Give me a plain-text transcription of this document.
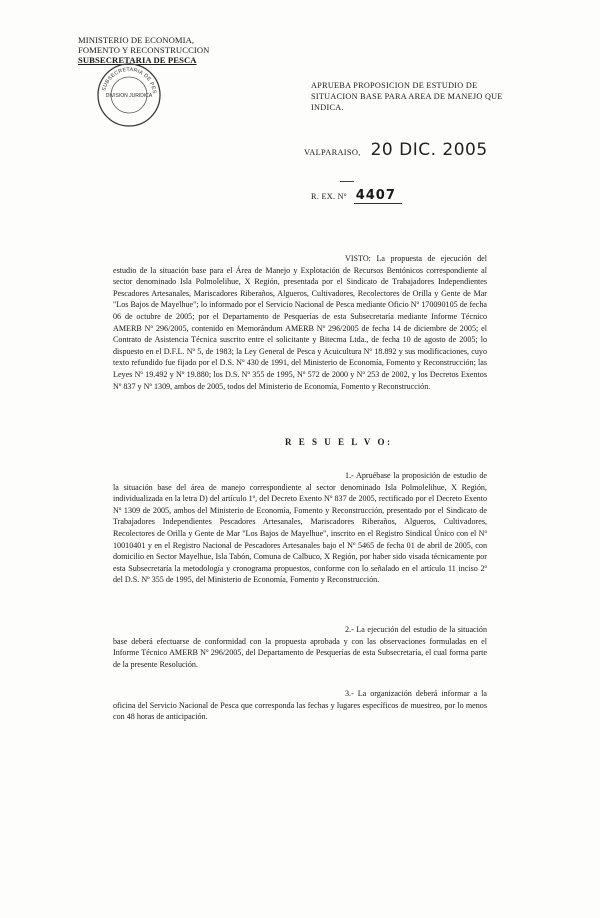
MINISTERIO DE ECONOMIA,
FOMENTO Y RECONSTRUCCION
SUBSECRETARIA DE PESCA
SUBSECRETARIA DE PES
DIVISION JURIDICA
APRUEBA PROPOSICION DE ESTUDIO DE SITUACION BASE PARA AREA DE MANEJO QUE INDICA.
VALPARAISO, 20 DIC. 2005
R. EX. Nº 4407
VISTO: La propuesta de ejecución del estudio de la situación base para el Área de Manejo y Explotación de Recursos Bentónicos correspondiente al sector denominado Isla Polmolelihue, X Región, presentada por el Sindicato de Trabajadores Independientes Pescadores Artesanales, Mariscadores Riberaños, Algueros, Cultivadores, Recolectores de Orilla y Gente de Mar "Los Bajos de Mayelhue"; lo informado por el Servicio Nacional de Pesca mediante Oficio Nº 170090105 de fecha 06 de octubre de 2005; por el Departamento de Pesquerías de esta Subsecretaría mediante Informe Técnico AMERB Nº 296/2005, contenido en Memorándum AMERB Nº 296/2005 de fecha 14 de diciembre de 2005; el Contrato de Asistencia Técnica suscrito entre el solicitante y Bitecma Ltda., de fecha 10 de agosto de 2005; lo dispuesto en el D.F.L. Nº 5, de 1983; la Ley General de Pesca y Acuicultura Nº 18.892 y sus modificaciones, cuyo texto refundido fue fijado por el D.S. Nº 430 de 1991, del Ministerio de Economía, Fomento y Reconstrucción; las Leyes Nº 19.492 y Nº 19.880; los D.S. Nº 355 de 1995, Nº 572 de 2000 y Nº 253 de 2002, y los Decretos Exentos Nº 837 y Nº 1309, ambos de 2005, todos del Ministerio de Economía, Fomento y Reconstrucción.
R E S U E L V O:
1.- Apruébase la proposición de estudio de la situación base del área de manejo correspondiente al sector denominado Isla Polmolelihue, X Región, individualizada en la letra D) del artículo 1º, del Decreto Exento Nº 837 de 2005, rectificado por el Decreto Exento Nº 1309 de 2005, ambos del Ministerio de Economía, Fomento y Reconstrucción, presentado por el Sindicato de Trabajadores Independientes Pescadores Artesanales, Mariscadores Riberaños, Algueros, Cultivadores, Recolectores de Orilla y Gente de Mar "Los Bajos de Mayelhue", inscrito en el Registro Sindical Único con el Nº 10010401 y en el Registro Nacional de Pescadores Artesanales bajo el Nº 5465 de fecha 01 de abril de 2005, con domicilio en Sector Mayelhue, Isla Tabón, Comuna de Calbuco, X Región, por haber sido visada técnicamente por esta Subsecretaría la metodología y cronograma propuestos, conforme con lo señalado en el artículo 11 inciso 2º del D.S. Nº 355 de 1995, del Ministerio de Economía, Fomento y Reconstrucción.
2.- La ejecución del estudio de la situación base deberá efectuarse de conformidad con la propuesta aprobada y con las observaciones formuladas en el Informe Técnico AMERB Nº 296/2005, del Departamento de Pesquerías de esta Subsecretaría, el cual forma parte de la presente Resolución.
3.- La organización deberá informar a la oficina del Servicio Nacional de Pesca que corresponda las fechas y lugares específicos de muestreo, por lo menos con 48 horas de anticipación.
